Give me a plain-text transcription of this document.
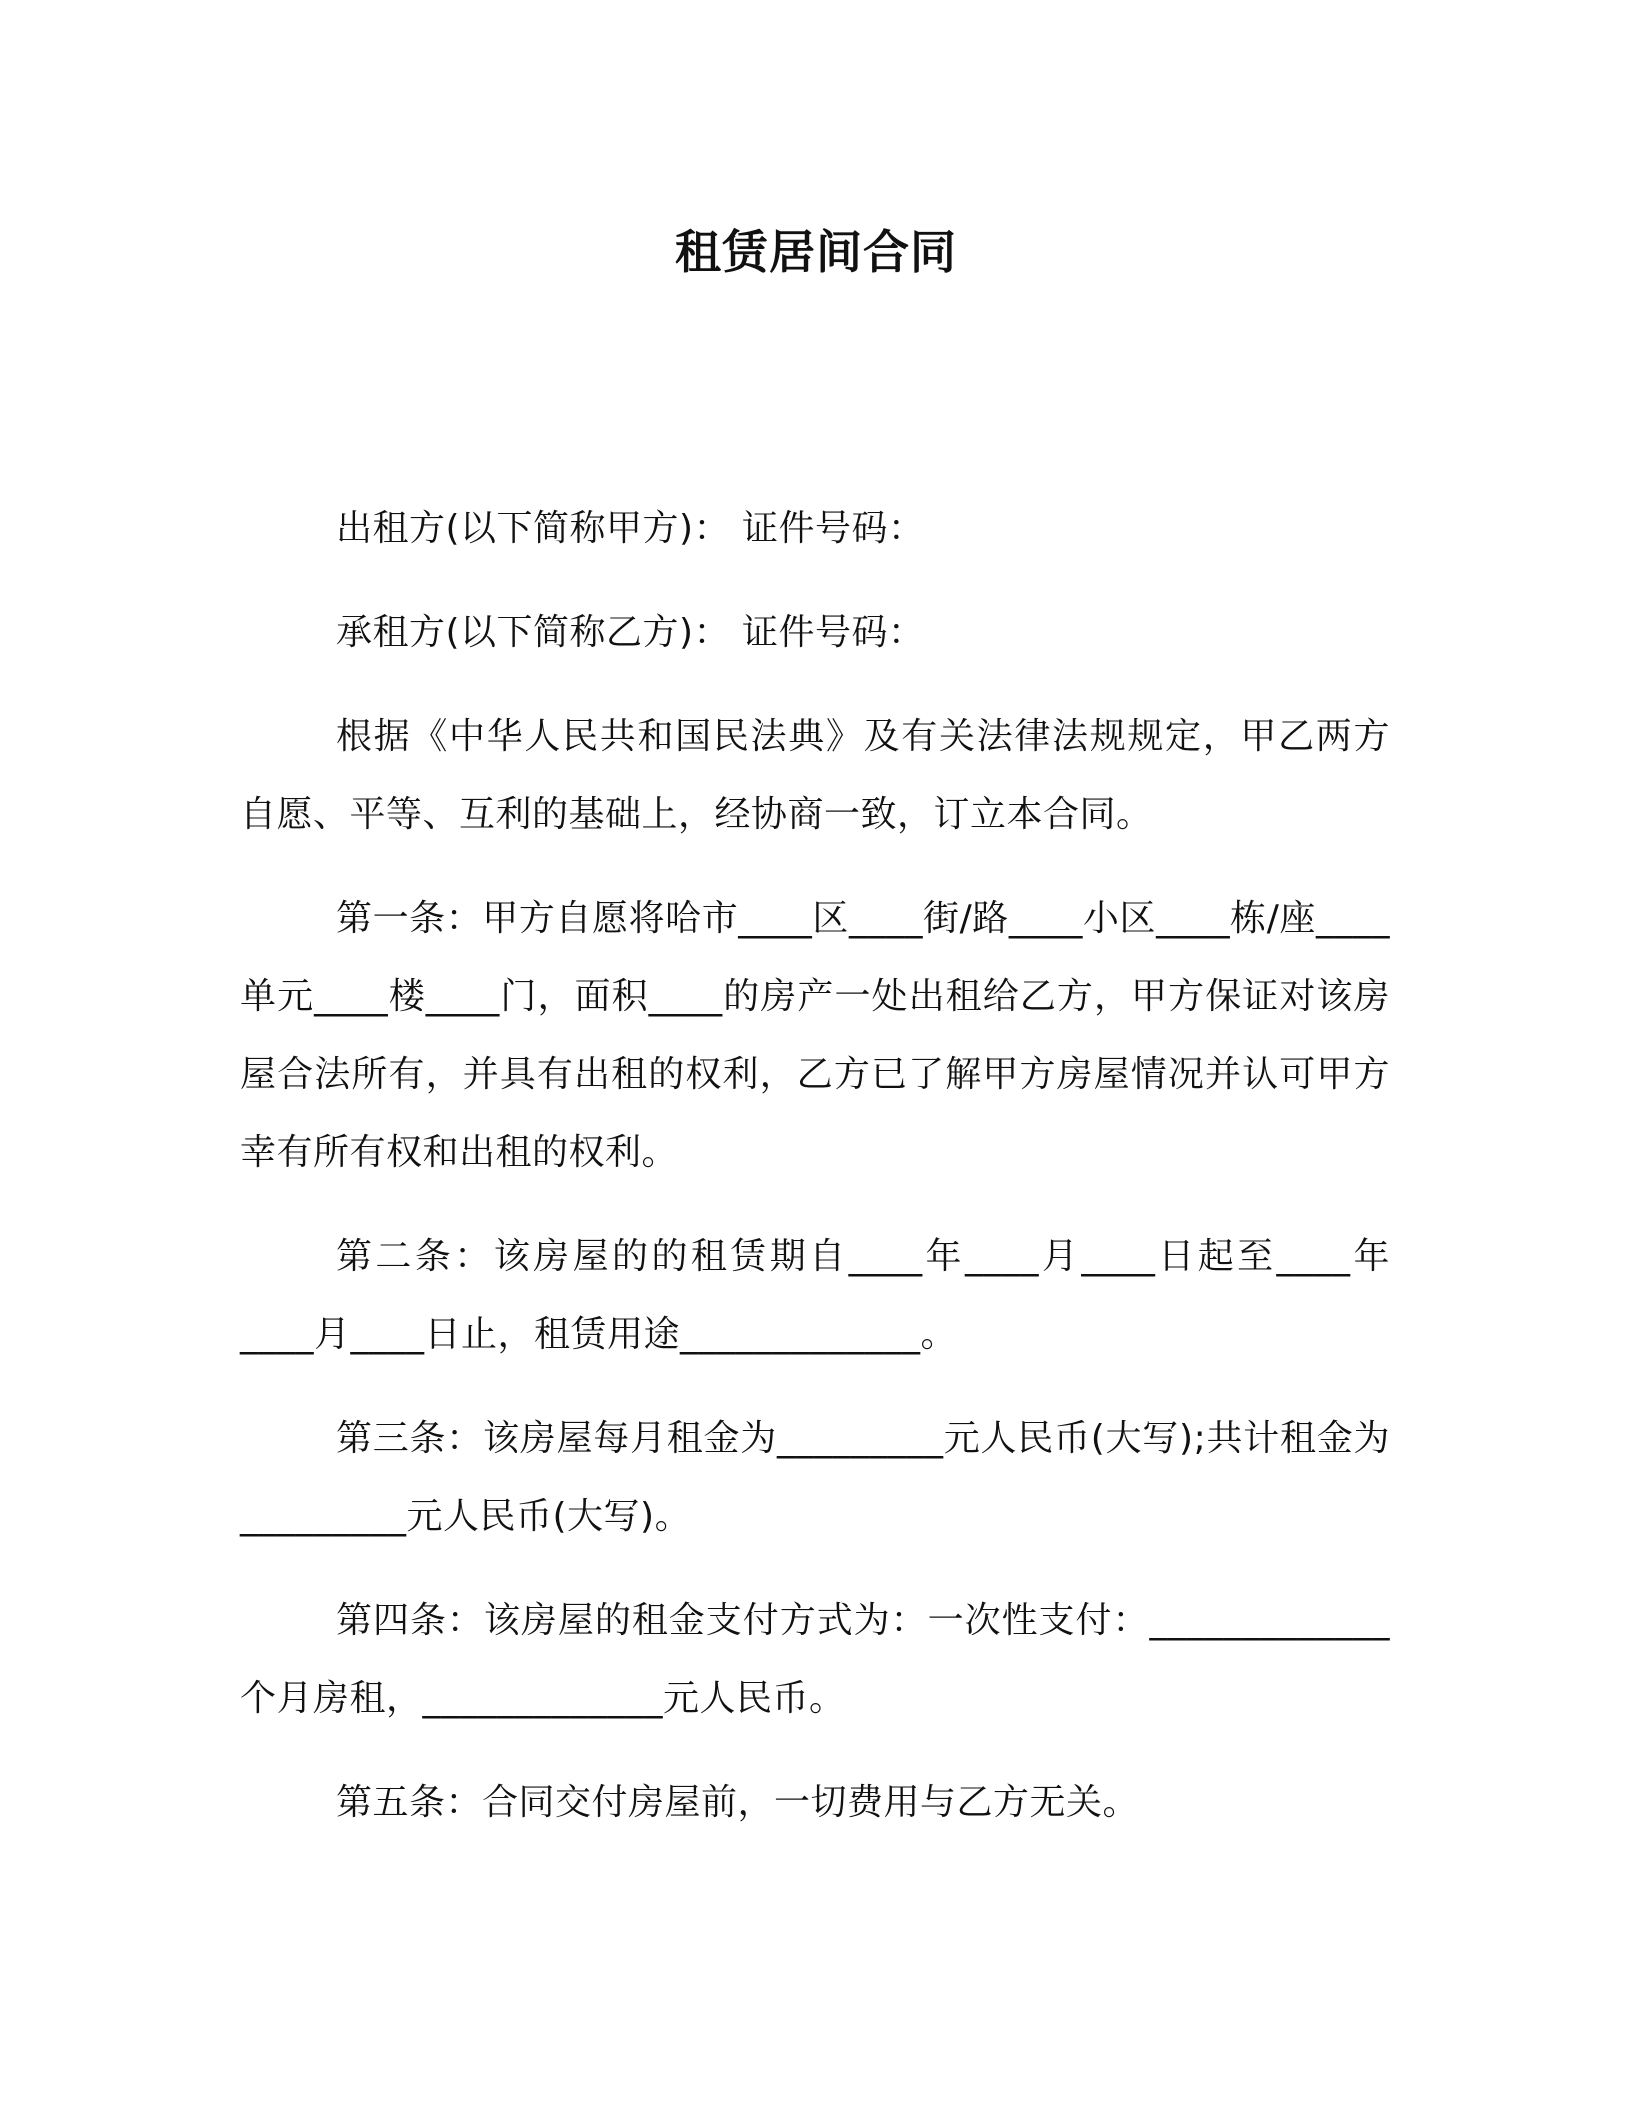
租赁居间合同

出租方(以下简称甲方)： 证件号码：

承租方(以下简称乙方)： 证件号码：

根据《中华人民共和国民法典》及有关法律法规规定，甲乙两方自愿、平等、互利的基础上，经协商一致，订立本合同。

第一条：甲方自愿将哈市____区____街/路____小区____栋/座____单元____楼____门，面积____的房产一处出租给乙方，甲方保证对该房屋合法所有，并具有出租的权利，乙方已了解甲方房屋情况并认可甲方幸有所有权和出租的权利。

第二条：该房屋的的租赁期自____年____月____日起至____年____月____日止，租赁用途_____________。

第三条：该房屋每月租金为_________元人民币(大写);共计租金为_________元人民币(大写)。

第四条：该房屋的租金支付方式为：一次性支付：_____________个月房租，_____________元人民币。

第五条：合同交付房屋前，一切费用与乙方无关。
